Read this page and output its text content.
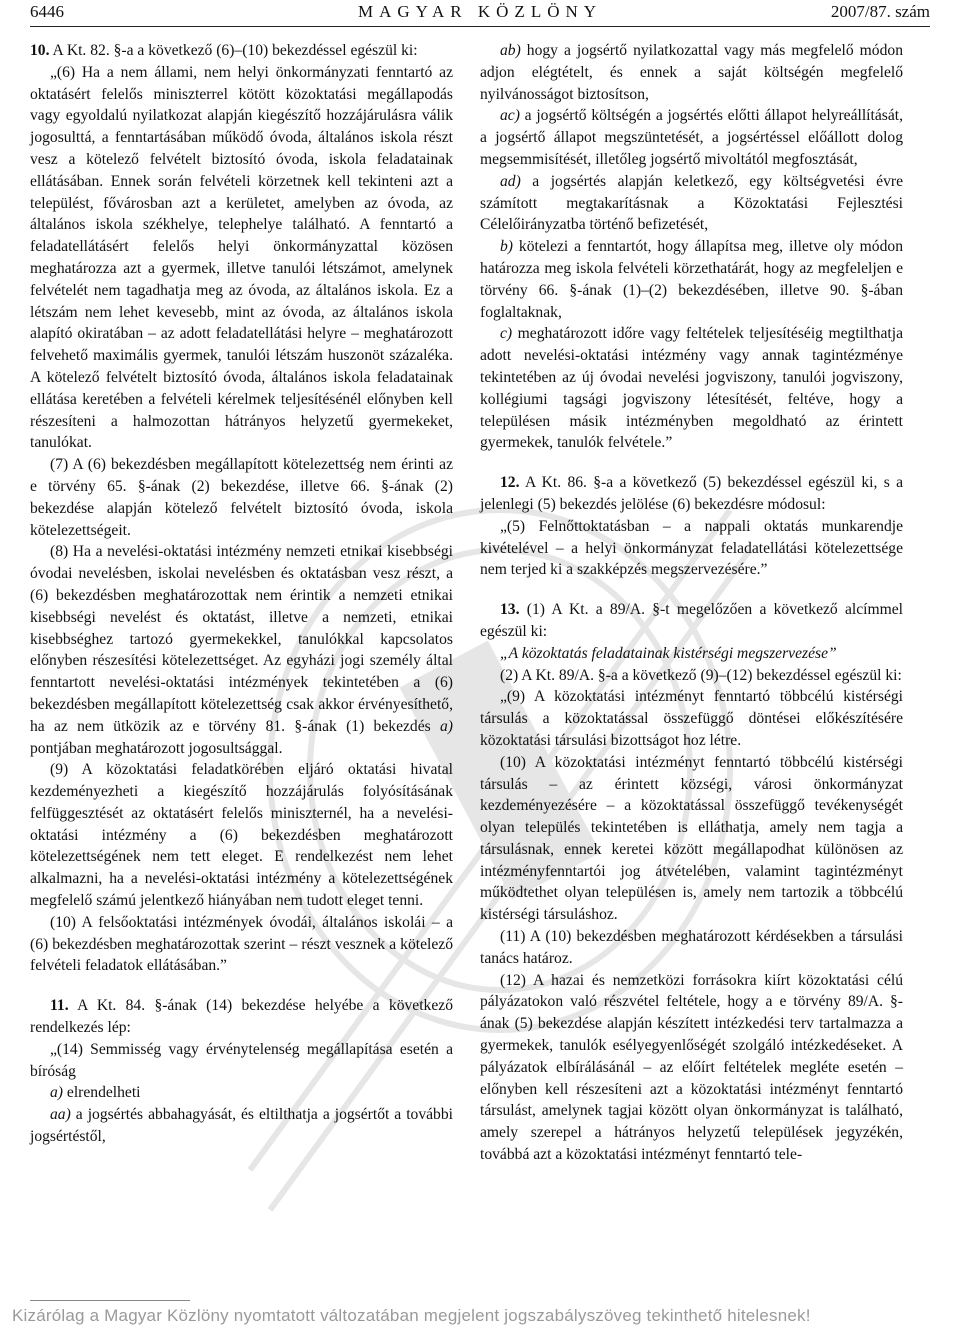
6446	MAGYAR KÖZLÖNY	2007/87. szám

10. A Kt. 82. §-a a következő (6)–(10) bekezdéssel egészül ki:

„(6) Ha a nem állami, nem helyi önkormányzati fenntartó az oktatásért felelős miniszterrel kötött közoktatási megállapodás vagy egyoldalú nyilatkozat alapján kiegészítő hozzájárulásra válik jogosulttá, a fenntartásában működő óvoda, általános iskola részt vesz a kötelező felvételt biztosító óvoda, iskola feladatainak ellátásában. Ennek során felvételi körzetnek kell tekinteni azt a települést, fővárosban azt a kerületet, amelyben az óvoda, az általános iskola székhelye, telephelye található. A fenntartó a feladatellátásért felelős helyi önkormányzattal közösen meghatározza azt a gyermek, illetve tanulói létszámot, amelynek felvételét nem tagadhatja meg az óvoda, az általános iskola. Ez a létszám nem lehet kevesebb, mint az óvoda, az általános iskola alapító okiratában – az adott feladatellátási helyre – meghatározott felvehető maximális gyermek, tanulói létszám huszonöt százaléka. A kötelező felvételt biztosító óvoda, általános iskola feladatainak ellátása keretében a felvételi kérelmek teljesítésénél előnyben kell részesíteni a halmozottan hátrányos helyzetű gyermekeket, tanulókat.

(7) A (6) bekezdésben megállapított kötelezettség nem érinti az e törvény 65. §-ának (2) bekezdése, illetve 66. §-ának (2) bekezdése alapján kötelező felvételt biztosító óvoda, iskola kötelezettségeit.

(8) Ha a nevelési-oktatási intézmény nemzeti etnikai kisebbségi óvodai nevelésben, iskolai nevelésben és oktatásban vesz részt, a (6) bekezdésben meghatározottak nem érintik a nemzeti etnikai kisebbségi nevelést és oktatást, illetve a nemzeti, etnikai kisebbséghez tartozó gyermekekkel, tanulókkal kapcsolatos előnyben részesítési kötelezettséget. Az egyházi jogi személy által fenntartott nevelési-oktatási intézmények tekintetében a (6) bekezdésben megállapított kötelezettség csak akkor érvényesíthető, ha az nem ütközik az e törvény 81. §-ának (1) bekezdés a) pontjában meghatározott jogosultsággal.

(9) A közoktatási feladatkörében eljáró oktatási hivatal kezdeményezheti a kiegészítő hozzájárulás folyósításának felfüggesztését az oktatásért felelős miniszternél, ha a nevelési-oktatási intézmény a (6) bekezdésben meghatározott kötelezettségének nem tett eleget. E rendelkezést nem lehet alkalmazni, ha a nevelési-oktatási intézmény a kötelezettségének megfelelő számú jelentkező hiányában nem tudott eleget tenni.

(10) A felsőoktatási intézmények óvodái, általános iskolái – a (6) bekezdésben meghatározottak szerint – részt vesznek a kötelező felvételi feladatok ellátásában.”

11. A Kt. 84. §-ának (14) bekezdése helyébe a következő rendelkezés lép:

„(14) Semmisség vagy érvénytelenség megállapítása esetén a bíróság

a) elrendelheti

aa) a jogsértés abbahagyását, és eltilthatja a jogsértőt a további jogsértéstől,

ab) hogy a jogsértő nyilatkozattal vagy más megfelelő módon adjon elégtételt, és ennek a saját költségén megfelelő nyilvánosságot biztosítson,

ac) a jogsértő költségén a jogsértés előtti állapot helyreállítását, a jogsértő állapot megszüntetését, a jogsértéssel előállott dolog megsemmisítését, illetőleg jogsértő mivoltától megfosztását,

ad) a jogsértés alapján keletkező, egy költségvetési évre számított megtakarításnak a Közoktatási Fejlesztési Célelőirányzatba történő befizetését,

b) kötelezi a fenntartót, hogy állapítsa meg, illetve oly módon határozza meg iskola felvételi körzethatárát, hogy az megfeleljen e törvény 66. §-ának (1)–(2) bekezdésében, illetve 90. §-ában foglaltaknak,

c) meghatározott időre vagy feltételek teljesítéséig megtilthatja adott nevelési-oktatási intézmény vagy annak tagintézménye tekintetében az új óvodai nevelési jogviszony, tanulói jogviszony, kollégiumi tagsági jogviszony létesítését, feltéve, hogy a településen másik intézményben megoldható az érintett gyermekek, tanulók felvétele.”

12. A Kt. 86. §-a a következő (5) bekezdéssel egészül ki, s a jelenlegi (5) bekezdés jelölése (6) bekezdésre módosul:

„(5) Felnőttoktatásban – a nappali oktatás munkarendje kivételével – a helyi önkormányzat feladatellátási kötelezettsége nem terjed ki a szakképzés megszervezésére.”

13. (1) A Kt. a 89/A. §-t megelőzően a következő alcímmel egészül ki:

„A közoktatás feladatainak kistérségi megszervezése”

(2) A Kt. 89/A. §-a a következő (9)–(12) bekezdéssel egészül ki:

„(9) A közoktatási intézményt fenntartó többcélú kistérségi társulás a közoktatással összefüggő döntései előkészítésére közoktatási társulási bizottságot hoz létre.

(10) A közoktatási intézményt fenntartó többcélú kistérségi társulás – az érintett községi, városi önkormányzat kezdeményezésére – a közoktatással összefüggő tevékenységét olyan település tekintetében is elláthatja, amely nem tagja a társulásnak, ennek keretei között megállapodhat különösen az intézményfenntartói jog átvételében, valamint tagintézményt működtethet olyan településen is, amely nem tartozik a többcélú kistérségi társuláshoz.

(11) A (10) bekezdésben meghatározott kérdésekben a társulási tanács határoz.

(12) A hazai és nemzetközi forrásokra kiírt közoktatási célú pályázatokon való részvétel feltétele, hogy a e törvény 89/A. §-ának (5) bekezdése alapján készített intézkedési terv tartalmazza a gyermekek, tanulók esélyegyenlőségét szolgáló intézkedéseket. A pályázatok elbírálásánál – az előírt feltételek megléte esetén – előnyben kell részesíteni azt a közoktatási intézményt fenntartó társulást, amelynek tagjai között olyan önkormányzat is található, amely szerepel a hátrányos helyzetű települések jegyzékén, továbbá azt a közoktatási intézményt fenntartó tele-

Kizárólag a Magyar Közlöny nyomtatott változatában megjelent jogszabályszöveg tekinthető hitelesnek!
